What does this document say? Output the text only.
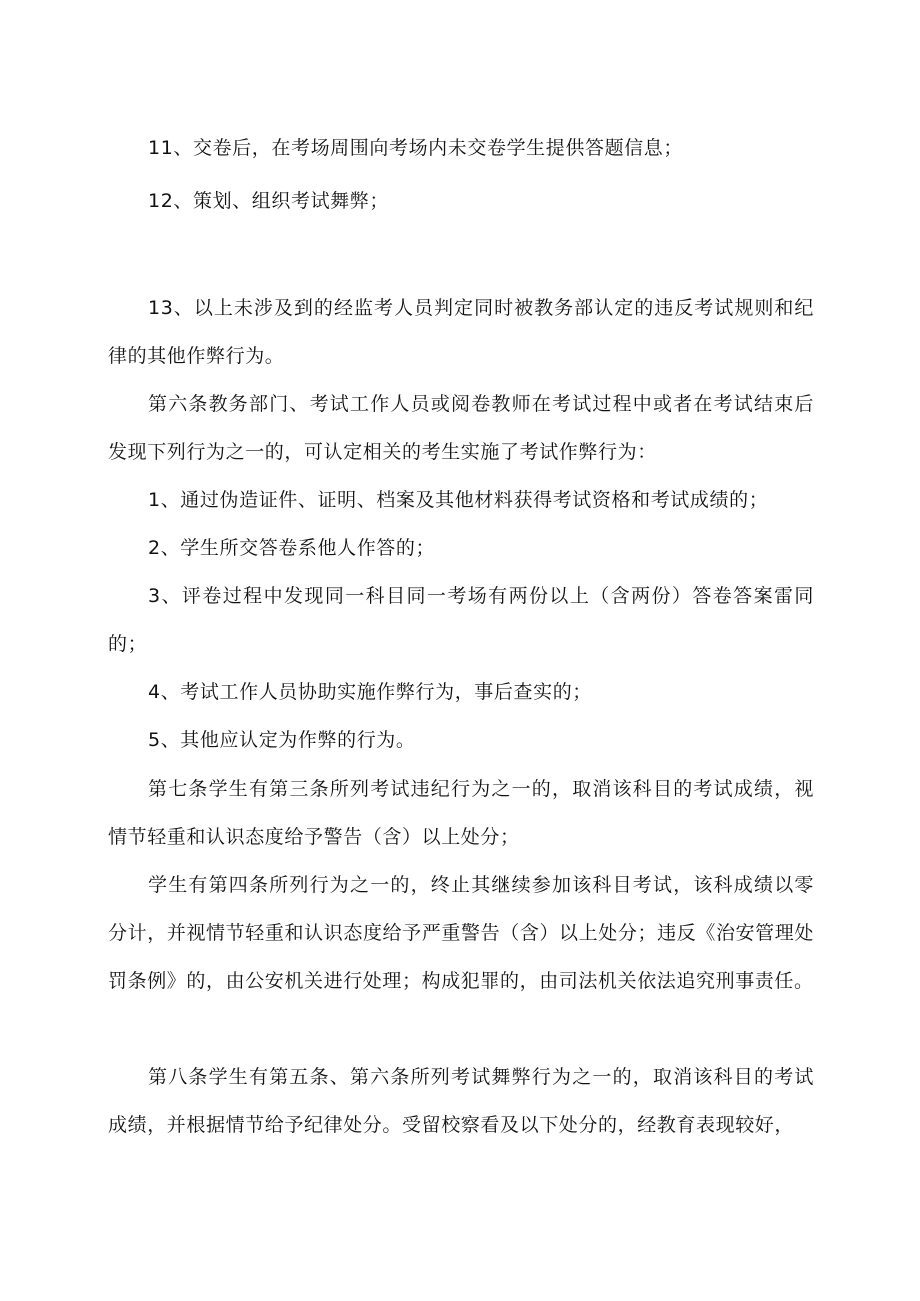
11、交卷后，在考场周围向考场内未交卷学生提供答题信息；

12、策划、组织考试舞弊；

13、以上未涉及到的经监考人员判定同时被教务部认定的违反考试规则和纪律的其他作弊行为。

第六条教务部门、考试工作人员或阅卷教师在考试过程中或者在考试结束后发现下列行为之一的，可认定相关的考生实施了考试作弊行为：

1、通过伪造证件、证明、档案及其他材料获得考试资格和考试成绩的；

2、学生所交答卷系他人作答的；

3、评卷过程中发现同一科目同一考场有两份以上（含两份）答卷答案雷同的；

4、考试工作人员协助实施作弊行为，事后查实的；

5、其他应认定为作弊的行为。

第七条学生有第三条所列考试违纪行为之一的，取消该科目的考试成绩，视情节轻重和认识态度给予警告（含）以上处分；

学生有第四条所列行为之一的，终止其继续参加该科目考试，该科成绩以零分计，并视情节轻重和认识态度给予严重警告（含）以上处分；违反《治安管理处罚条例》的，由公安机关进行处理；构成犯罪的，由司法机关依法追究刑事责任。

第八条学生有第五条、第六条所列考试舞弊行为之一的，取消该科目的考试成绩，并根据情节给予纪律处分。受留校察看及以下处分的，经教育表现较好，
